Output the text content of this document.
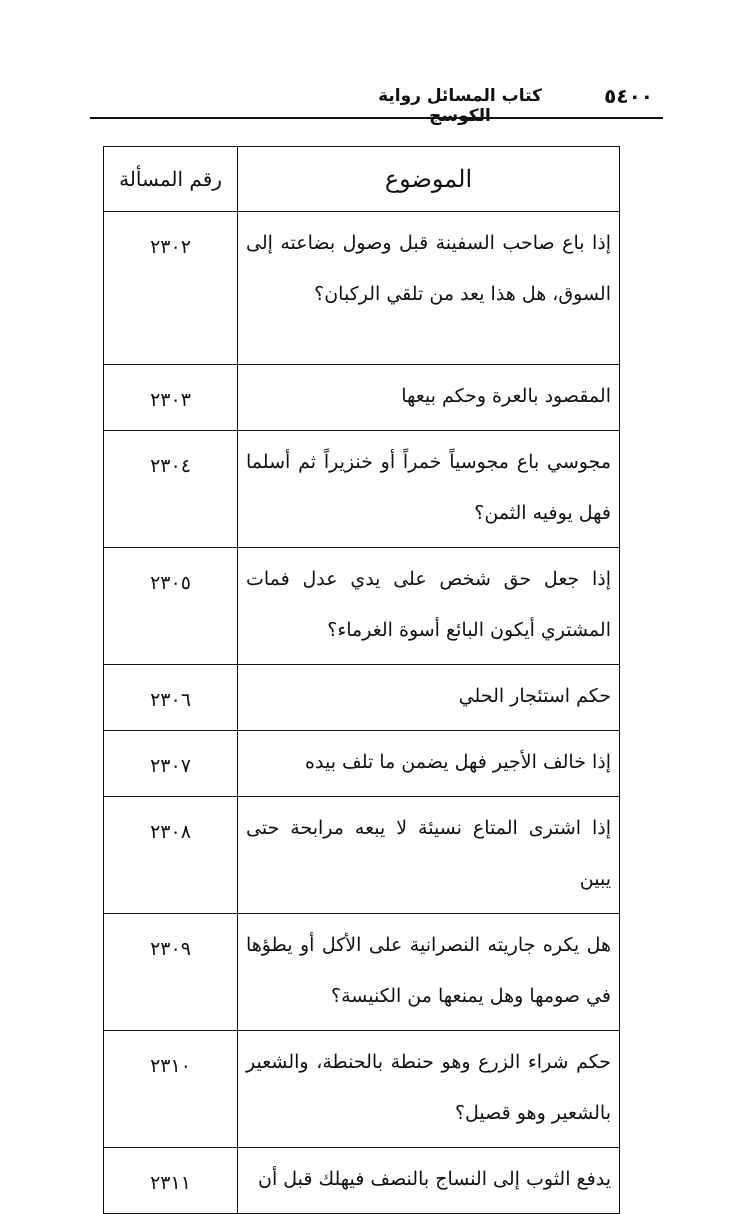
كتاب المسائل رواية الكوسج
٥٤٠٠
الموضوع	رقم المسألة
إذا باع صاحب السفينة قبل وصول بضاعته إلى السوق، هل هذا يعد من تلقي الركبان؟	٢٣٠٢
المقصود بالعرة وحكم بيعها	٢٣٠٣
مجوسي باع مجوسياً خمراً أو خنزيراً ثم أسلما فهل يوفيه الثمن؟	٢٣٠٤
إذا جعل حق شخص على يدي عدل فمات المشتري أيكون البائع أسوة الغرماء؟	٢٣٠٥
حكم استئجار الحلي	٢٣٠٦
إذا خالف الأجير فهل يضمن ما تلف بيده	٢٣٠٧
إذا اشترى المتاع نسيئة لا يبعه مرابحة حتى يبين	٢٣٠٨
هل يكره جاريته النصرانية على الأكل أو يطؤها في صومها وهل يمنعها من الكنيسة؟	٢٣٠٩
حكم شراء الزرع وهو حنطة بالحنطة، والشعير بالشعير وهو قصيل؟	٢٣١٠
يدفع الثوب إلى النساج بالنصف فيهلك قبل أن	٢٣١١
